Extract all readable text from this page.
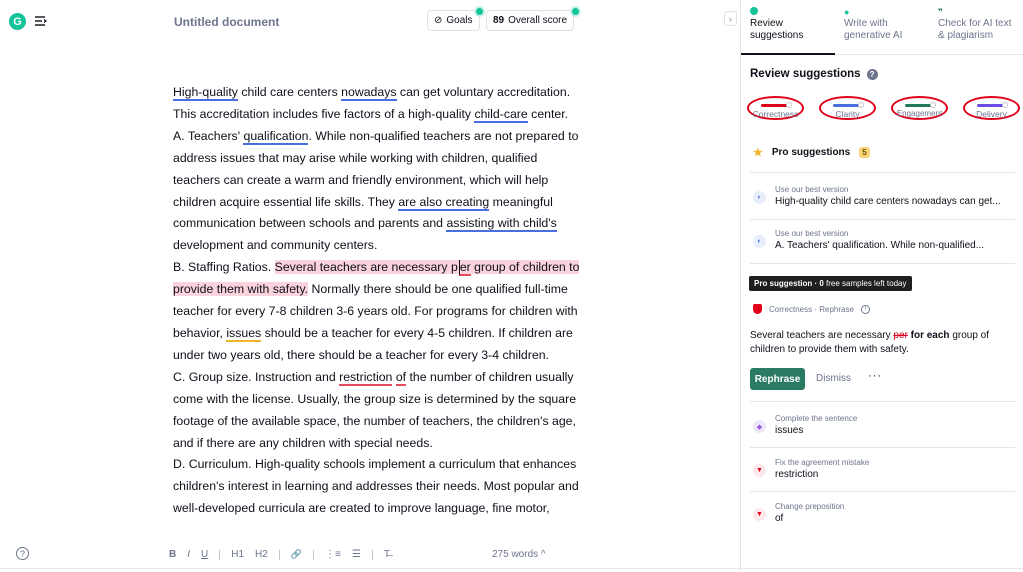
G	Untitled document	⊘ Goals 89 Overall score	›

High-quality child care centers nowadays can get voluntary accreditation. This accreditation includes five factors of a high-quality child-care center.

A. Teachers' qualification. While non-qualified teachers are not prepared to address issues that may arise while working with children, qualified teachers can create a warm and friendly environment, which will help children acquire essential life skills. They are also creating meaningful communication between schools and parents and assisting with child's development and community centers.

B. Staffing Ratios. Several teachers are necessary p er group of children to provide them with safety. Normally there should be one qualified full-time teacher for every 7-8 children 3-6 years old. For programs for children with behavior, issues should be a teacher for every 4-5 children. If children are under two years old, there should be a teacher for every 3-4 children.

C. Group size. Instruction and restriction of the number of children usually come with the license. Usually, the group size is determined by the square footage of the available space, the number of teachers, the children's age, and if there are any children with special needs.

D. Curriculum. High-quality schools implement a curriculum that enhances children's interest in learning and addresses their needs. Most popular and well-developed curricula are created to improve language, fine motor,

B I U H1 H2	🔗 ⋮≡ ☰ T̶	275 words ^
?
Review suggestions
●
Write with generative AI
❞
Check for AI text & plagiarism
Review suggestions	?
Correctness	Clarity	Engagement	Delivery
★ Pro suggestions	5
◐
Use our best version
High-quality child care centers nowadays can get...
◐
Use our best version
A. Teachers' qualification. While non-qualified...
Pro suggestion · 0 free samples left today
Correctness · Rephrase	i
Several teachers are necessary per for each group of children to provide them with safety.
Rephrase	Dismiss ···
◆
Complete the sentence
issues
▼
Fix the agreement mistake
restriction
▼
Change preposition
of
